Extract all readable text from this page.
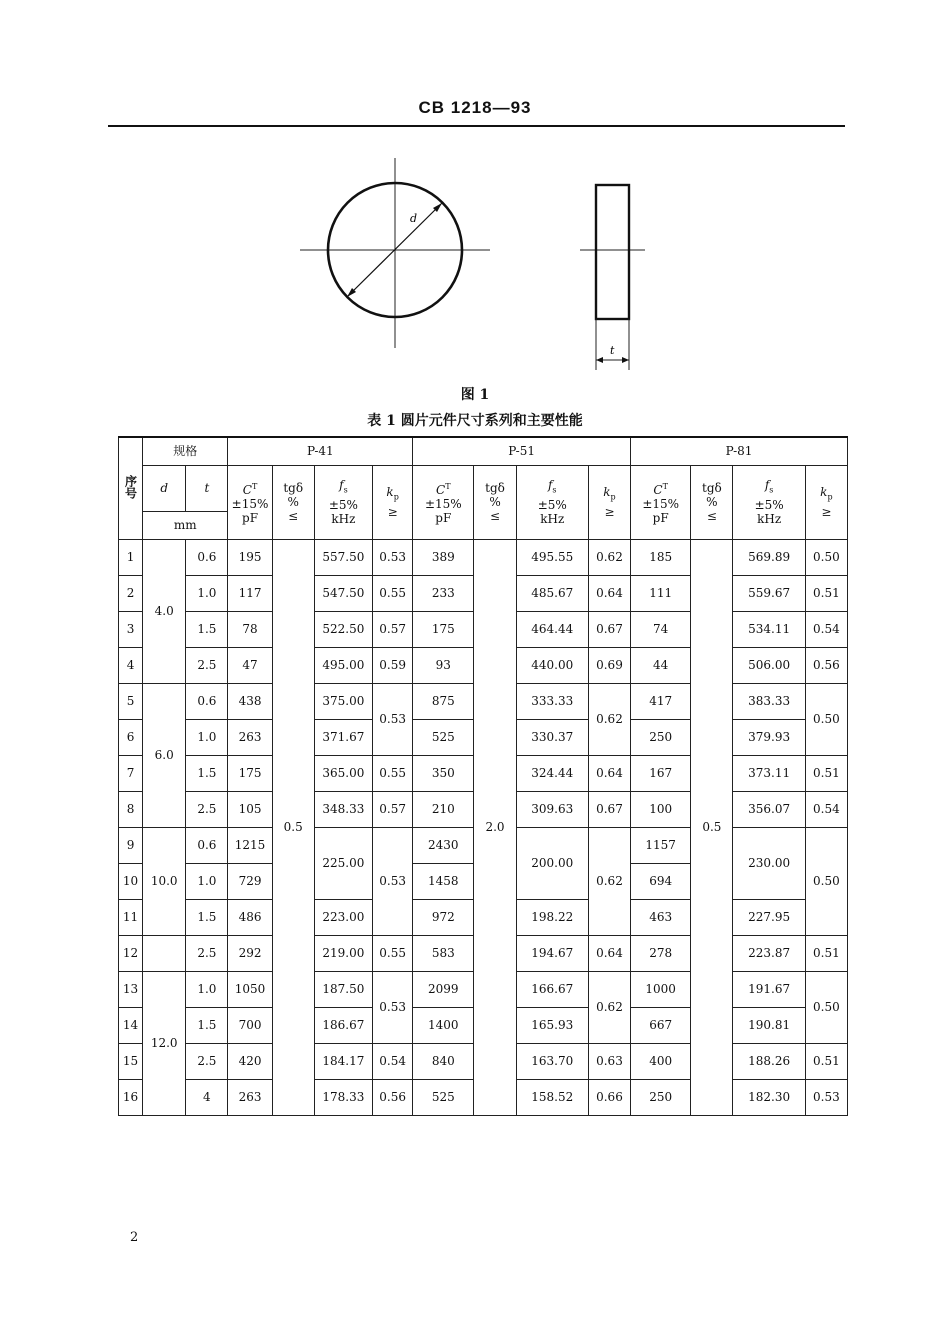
CB 1218—93
d
t
图 1
表 1 圆片元件尺寸系列和主要性能
序号	规格		P-41				P-51				P-81			
	d	t	$C^T$
±15%
pF	tgδ
%
≤	$f_s$
±5%
kHz	$k_p$
≥	$C^T$
±15%
pF	tgδ
%
≤	$f_s$
±5%
kHz	$k_p$
≥	$C^T$
±15%
pF	tgδ
%
≤	$f_s$
±5%
kHz	$k_p$
≥
	mm													
1	4.0	0.6	195	0.5	557.50	0.53	389	2.0	495.55	0.62	185	0.5	569.89	0.50
2		1.0	117		547.50	0.55	233		485.67	0.64	111		559.67	0.51
3		1.5	78		522.50	0.57	175		464.44	0.67	74		534.11	0.54
4		2.5	47		495.00	0.59	93		440.00	0.69	44		506.00	0.56
5	6.0	0.6	438		375.00	0.53	875		333.33	0.62	417		383.33	0.50
6		1.0	263		371.67		525		330.37		250		379.93	
7		1.5	175		365.00	0.55	350		324.44	0.64	167		373.11	0.51
8		2.5	105		348.33	0.57	210		309.63	0.67	100		356.07	0.54
9	10.0	0.6	1215		225.00	0.53	2430		200.00	0.62	1157		230.00	0.50
10		1.0	729				1458				694			
11		1.5	486		223.00		972		198.22		463		227.95	
12		2.5	292		219.00	0.55	583		194.67	0.64	278		223.87	0.51
13	12.0	1.0	1050		187.50	0.53	2099		166.67	0.62	1000		191.67	0.50
14		1.5	700		186.67		1400		165.93		667		190.81	
15		2.5	420		184.17	0.54	840		163.70	0.63	400		188.26	0.51
16		4	263		178.33	0.56	525		158.52	0.66	250		182.30	0.53
2
